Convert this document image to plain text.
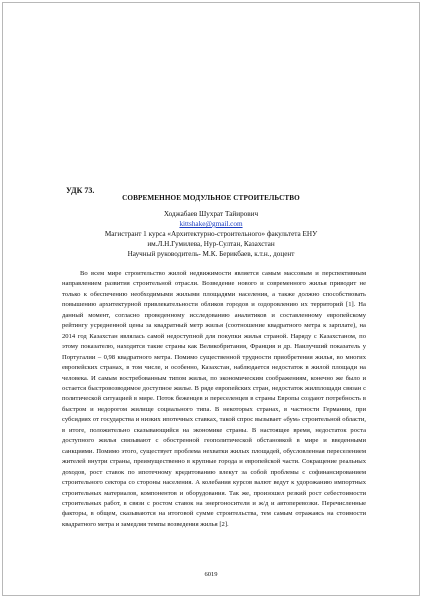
УДК 73.
СОВРЕМЕННОЕ МОДУЛЬНОЕ СТРОИТЕЛЬСТВО
Ходжабаев Шухрат Тайирович
kittshake@gmail.com
Магистрант 1 курса «Архитектурно-строительного» факультета ЕНУ
им.Л.Н.Гумилева, Нур-Султан, Казахстан
Научный руководитель- М.К. Берикбаев, к.т.н., доцент

Во всем мире строительство жилой недвижимости является самым массовым и перспективным направлением развития строительной отрасли. Возведение нового и современного жилья приводит не только к обеспечению необходимыми жилыми площадями населения, а также должно способствовать повышению архитектурной привлекательности обликов городов и оздоровлению их территорий [1]. На данный момент, согласно проведенному исследованию аналитиков и составленному европейскому рейтингу усредненной цены за квадратный метр жилья (соотношение квадратного метра к зарплате), на 2014 год Казахстан являлась самой недоступной для покупки жилья страной. Наряду с Казахстаном, по этому показателю, находятся такие страны как Великобритания, Франция и др. Наилучший показатель у Португалии – 0,98 квадратного метра. Помимо существенной трудности приобретения жилья, во многих европейских странах, в том числе, и особенно, Казахстан, наблюдается недостаток в жилой площади на человека. И самым востребованным типом жилья, по экономическим соображениям, конечно же было и остается быстровозводимое доступное жилье. В ряде европейских стран, недостаток жилплощади связан с политической ситуацией в мире. Поток беженцев и переселенцев в страны Европы создают потребность в быстром и недорогом жилище социального типа. В некоторых странах, в частности Германии, при субсидиях от государства и низких ипотечных ставках, такой спрос вызывает «бум» строительной области, в итоге, положительно сказывающийся на экономике страны. В настоящее время, недостаток роста доступного жилья связывают с обостренной геополитической обстановкой в мире и введенными санкциями. Помимо этого, существует проблема нехватки жилых площадей, обусловленная переселением жителей внутри страны, преимущественно в крупные города и европейской части. Сокращение реальных доходов, рост ставок по ипотечному кредитованию влекут за собой проблемы с софинансированием строительного сектора со стороны населения. А колебания курсов валют ведут к удорожанию импортных строительных материалов, компонентов и оборудования. Так же, произошел резкий рост себестоимости строительных работ, в связи с ростом ставок на энергоносители и ж/д и автоперевозки. Перечисленные факторы, в общем, сказываются на итоговой сумме строительства, тем самым отражаясь на стоимости квадратного метра и замедляя темпы возведения жилья [2].

6019
